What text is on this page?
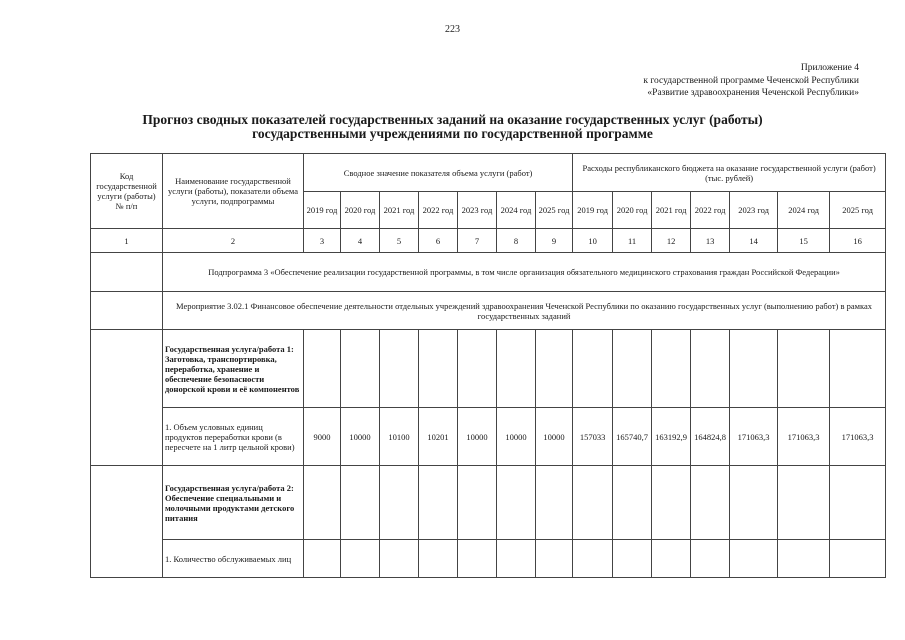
223
Приложение 4
к государственной программе Чеченской Республики
«Развитие здравоохранения Чеченской Республики»
Прогноз сводных показателей государственных заданий на оказание государственных услуг (работы)
государственными учреждениями по государственной программе
Код государственной услуги (работы) № п/п	Наименование государственной услуги (работы), показатели объема услуги, подпрограммы	Сводное значение показателя объема услуги (работ)							Расходы республиканского бюджета на оказание государственной услуги (работ) (тыс. рублей)						
		2019 год	2020 год	2021 год	2022 год	2023 год	2024 год	2025 год	2019 год	2020 год	2021 год	2022 год	2023 год	2024 год	2025 год
1	2	3	4	5	6	7	8	9	10	11	12	13	14	15	16
	Подпрограмма 3 «Обеспечение реализации государственной программы, в том числе организация обязательного медицинского страхования граждан Российской Федерации»														
	Мероприятие 3.02.1 Финансовое обеспечение деятельности отдельных учреждений здравоохранения Чеченской Республики по оказанию государственных услуг (выполнению работ) в рамках государственных заданий														
	Государственная услуга/работа 1: Заготовка, транспортировка, переработка, хранение и обеспечение безопасности донорской крови и её компонентов														
	1. Объем условных единиц продуктов переработки крови (в пересчете на 1 литр цельной крови)	9000	10000	10100	10201	10000	10000	10000	157033	165740,7	163192,9	164824,8	171063,3	171063,3	171063,3
	Государственная услуга/работа 2: Обеспечение специальными и молочными продуктами детского питания														
	1. Количество обслуживаемых лиц														
